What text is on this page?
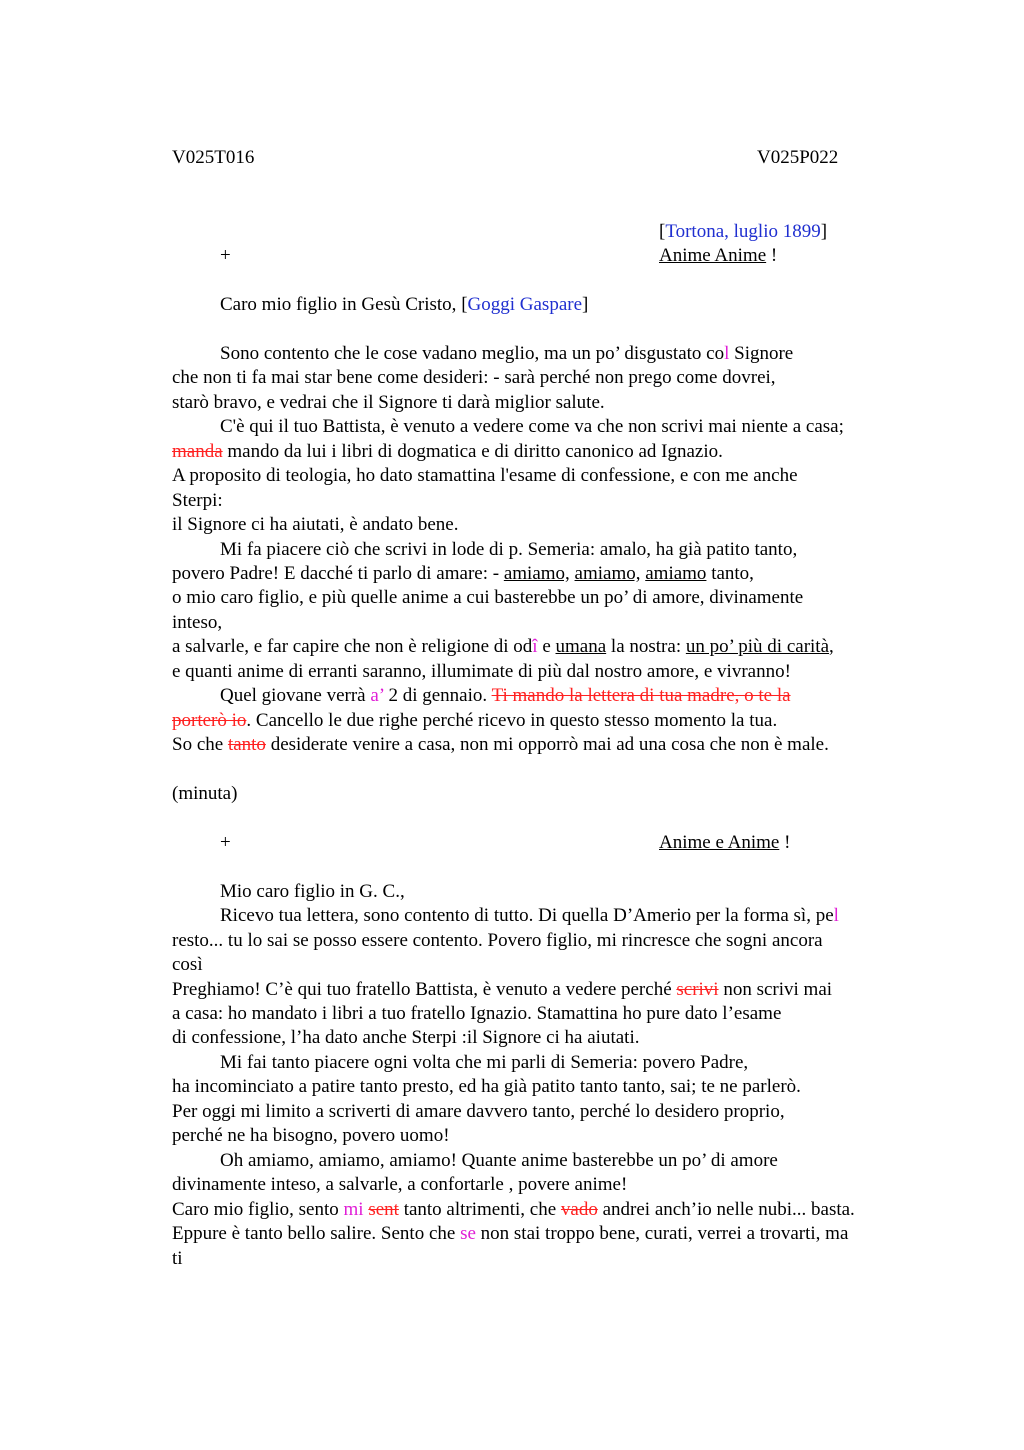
V025T016	V025P022
[Tortona, luglio 1899]
+	Anime Anime !
Caro mio figlio in Gesù Cristo, [Goggi Gaspare]
Sono contento che le cose vadano meglio, ma un po’ disgustato col Signore
che non ti fa mai star bene come desideri: - sarà perché non prego come dovrei,
starò bravo, e vedrai che il Signore ti darà miglior salute.
C'è qui il tuo Battista, è venuto a vedere come va che non scrivi mai niente a casa;
manda mando da lui i libri di dogmatica e di diritto canonico ad Ignazio.
A proposito di teologia, ho dato stamattina l'esame di confessione, e con me anche
Sterpi:
il Signore ci ha aiutati, è andato bene.
Mi fa piacere ciò che scrivi in lode di p. Semeria: amalo, ha già patito tanto,
povero Padre! E dacché ti parlo di amare: - amiamo, amiamo, amiamo tanto,
o mio caro figlio, e più quelle anime a cui basterebbe un po’ di amore, divinamente
inteso,
a salvarle, e far capire che non è religione di odî e umana la nostra: un po’ più di carità,
e quanti anime di erranti saranno, illumimate di più dal nostro amore, e vivranno!
Quel giovane verrà a’ 2 di gennaio. Ti mando la lettera di tua madre, o te la
porterò io. Cancello le due righe perché ricevo in questo stesso momento la tua.
So che tanto desiderate venire a casa, non mi opporrò mai ad una cosa che non è male.
(minuta)
+	Anime e Anime !
Mio caro figlio in G. C.,
Ricevo tua lettera, sono contento di tutto. Di quella D’Amerio per la forma sì, pel
resto... tu lo sai se posso essere contento. Povero figlio, mi rincresce che sogni ancora
così
Preghiamo! C’è qui tuo fratello Battista, è venuto a vedere perché scrivi non scrivi mai
a casa: ho mandato i libri a tuo fratello Ignazio. Stamattina ho pure dato l’esame
di confessione, l’ha dato anche Sterpi :il Signore ci ha aiutati.
Mi fai tanto piacere ogni volta che mi parli di Semeria: povero Padre,
ha incominciato a patire tanto presto, ed ha già patito tanto tanto, sai; te ne parlerò.
Per oggi mi limito a scriverti di amare davvero tanto, perché lo desidero proprio,
perché ne ha bisogno, povero uomo!
Oh amiamo, amiamo, amiamo! Quante anime basterebbe un po’ di amore
divinamente inteso, a salvarle, a confortarle , povere anime!
Caro mio figlio, sento mi sent tanto altrimenti, che vado andrei anch’io nelle nubi... basta.
Eppure è tanto bello salire. Sento che se non stai troppo bene, curati, verrei a trovarti, ma
ti
